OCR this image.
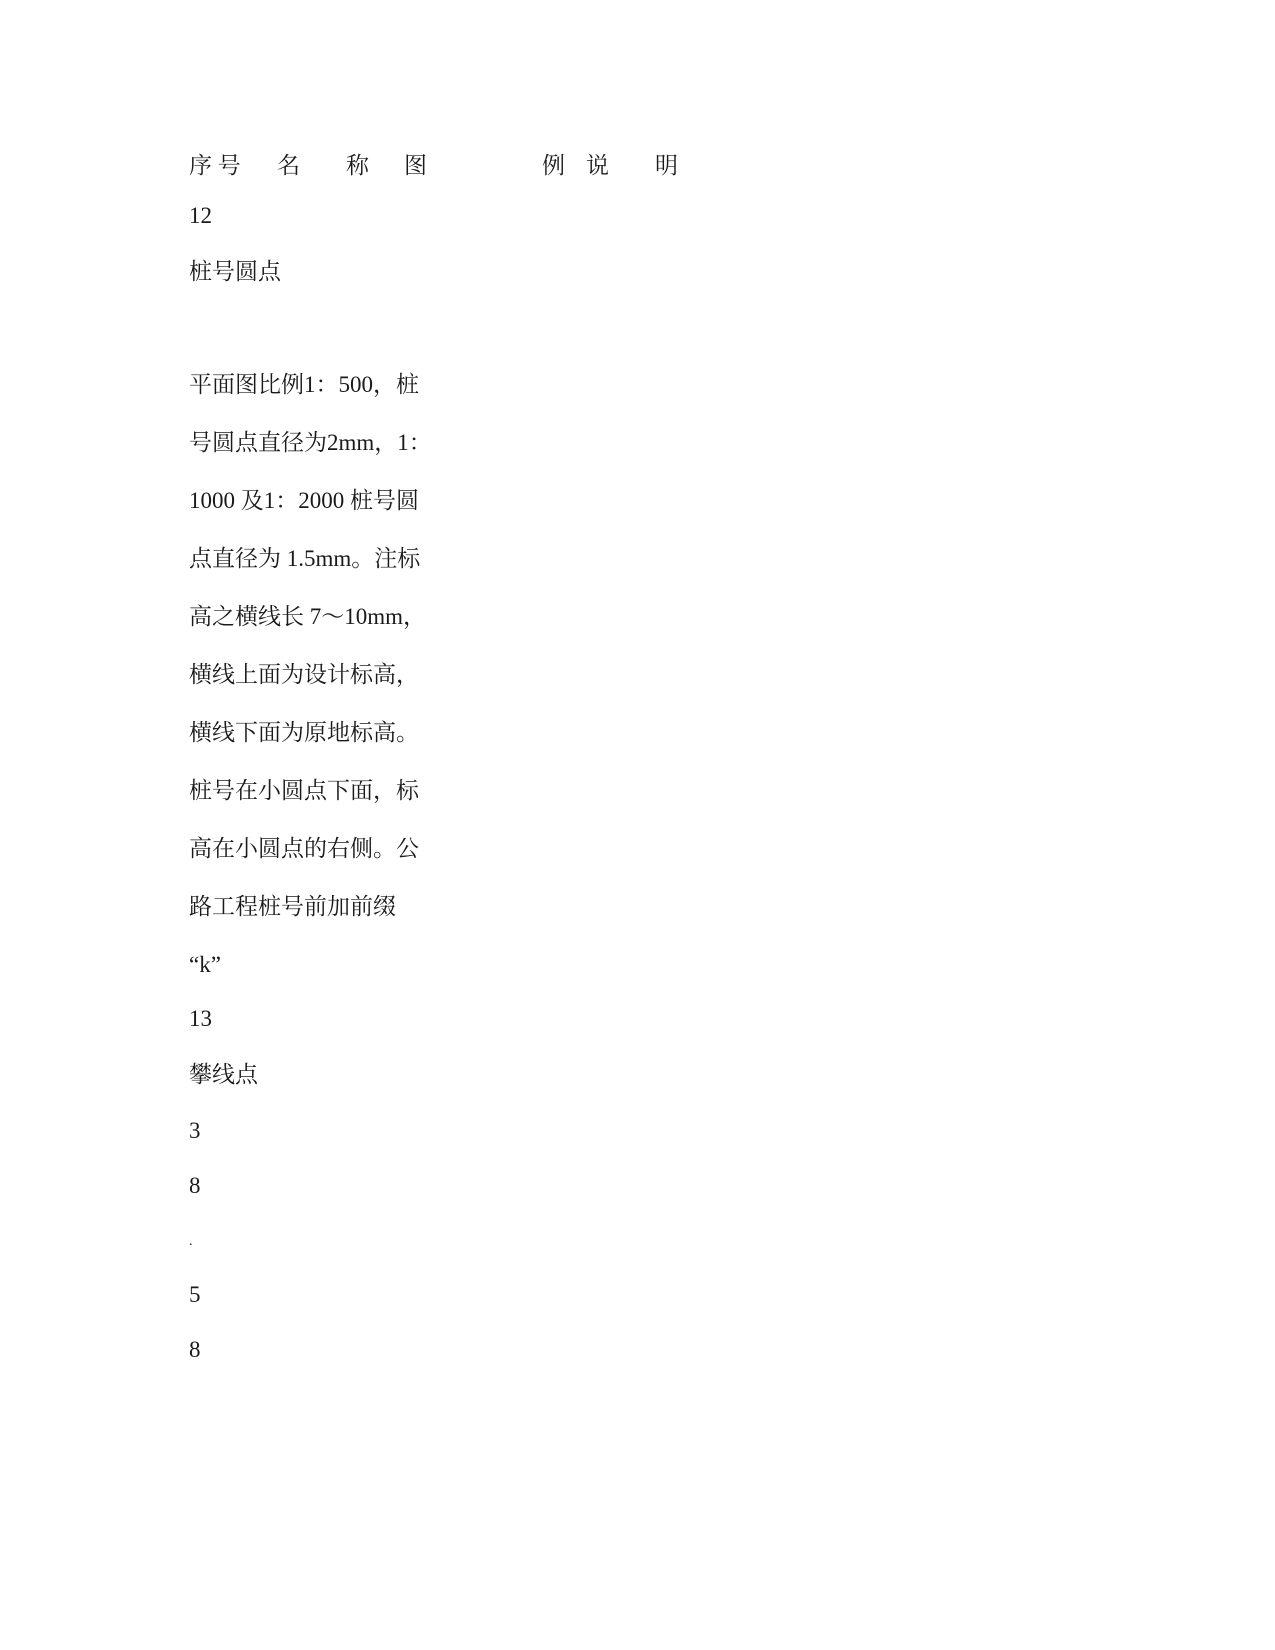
序 号 名　　称 图　　　　　例 说　　明
12
桩号圆点
平面图比例1：500，桩
号圆点直径为2mm，1：
1000 及1：2000 桩号圆
点直径为 1.5mm。注标
高之横线长 7～10mm，
横线上面为设计标高，
横线下面为原地标高。
桩号在小圆点下面，标
高在小圆点的右侧。公
路工程桩号前加前缀
“k”
13
攀线点
3
8
.
5
8
